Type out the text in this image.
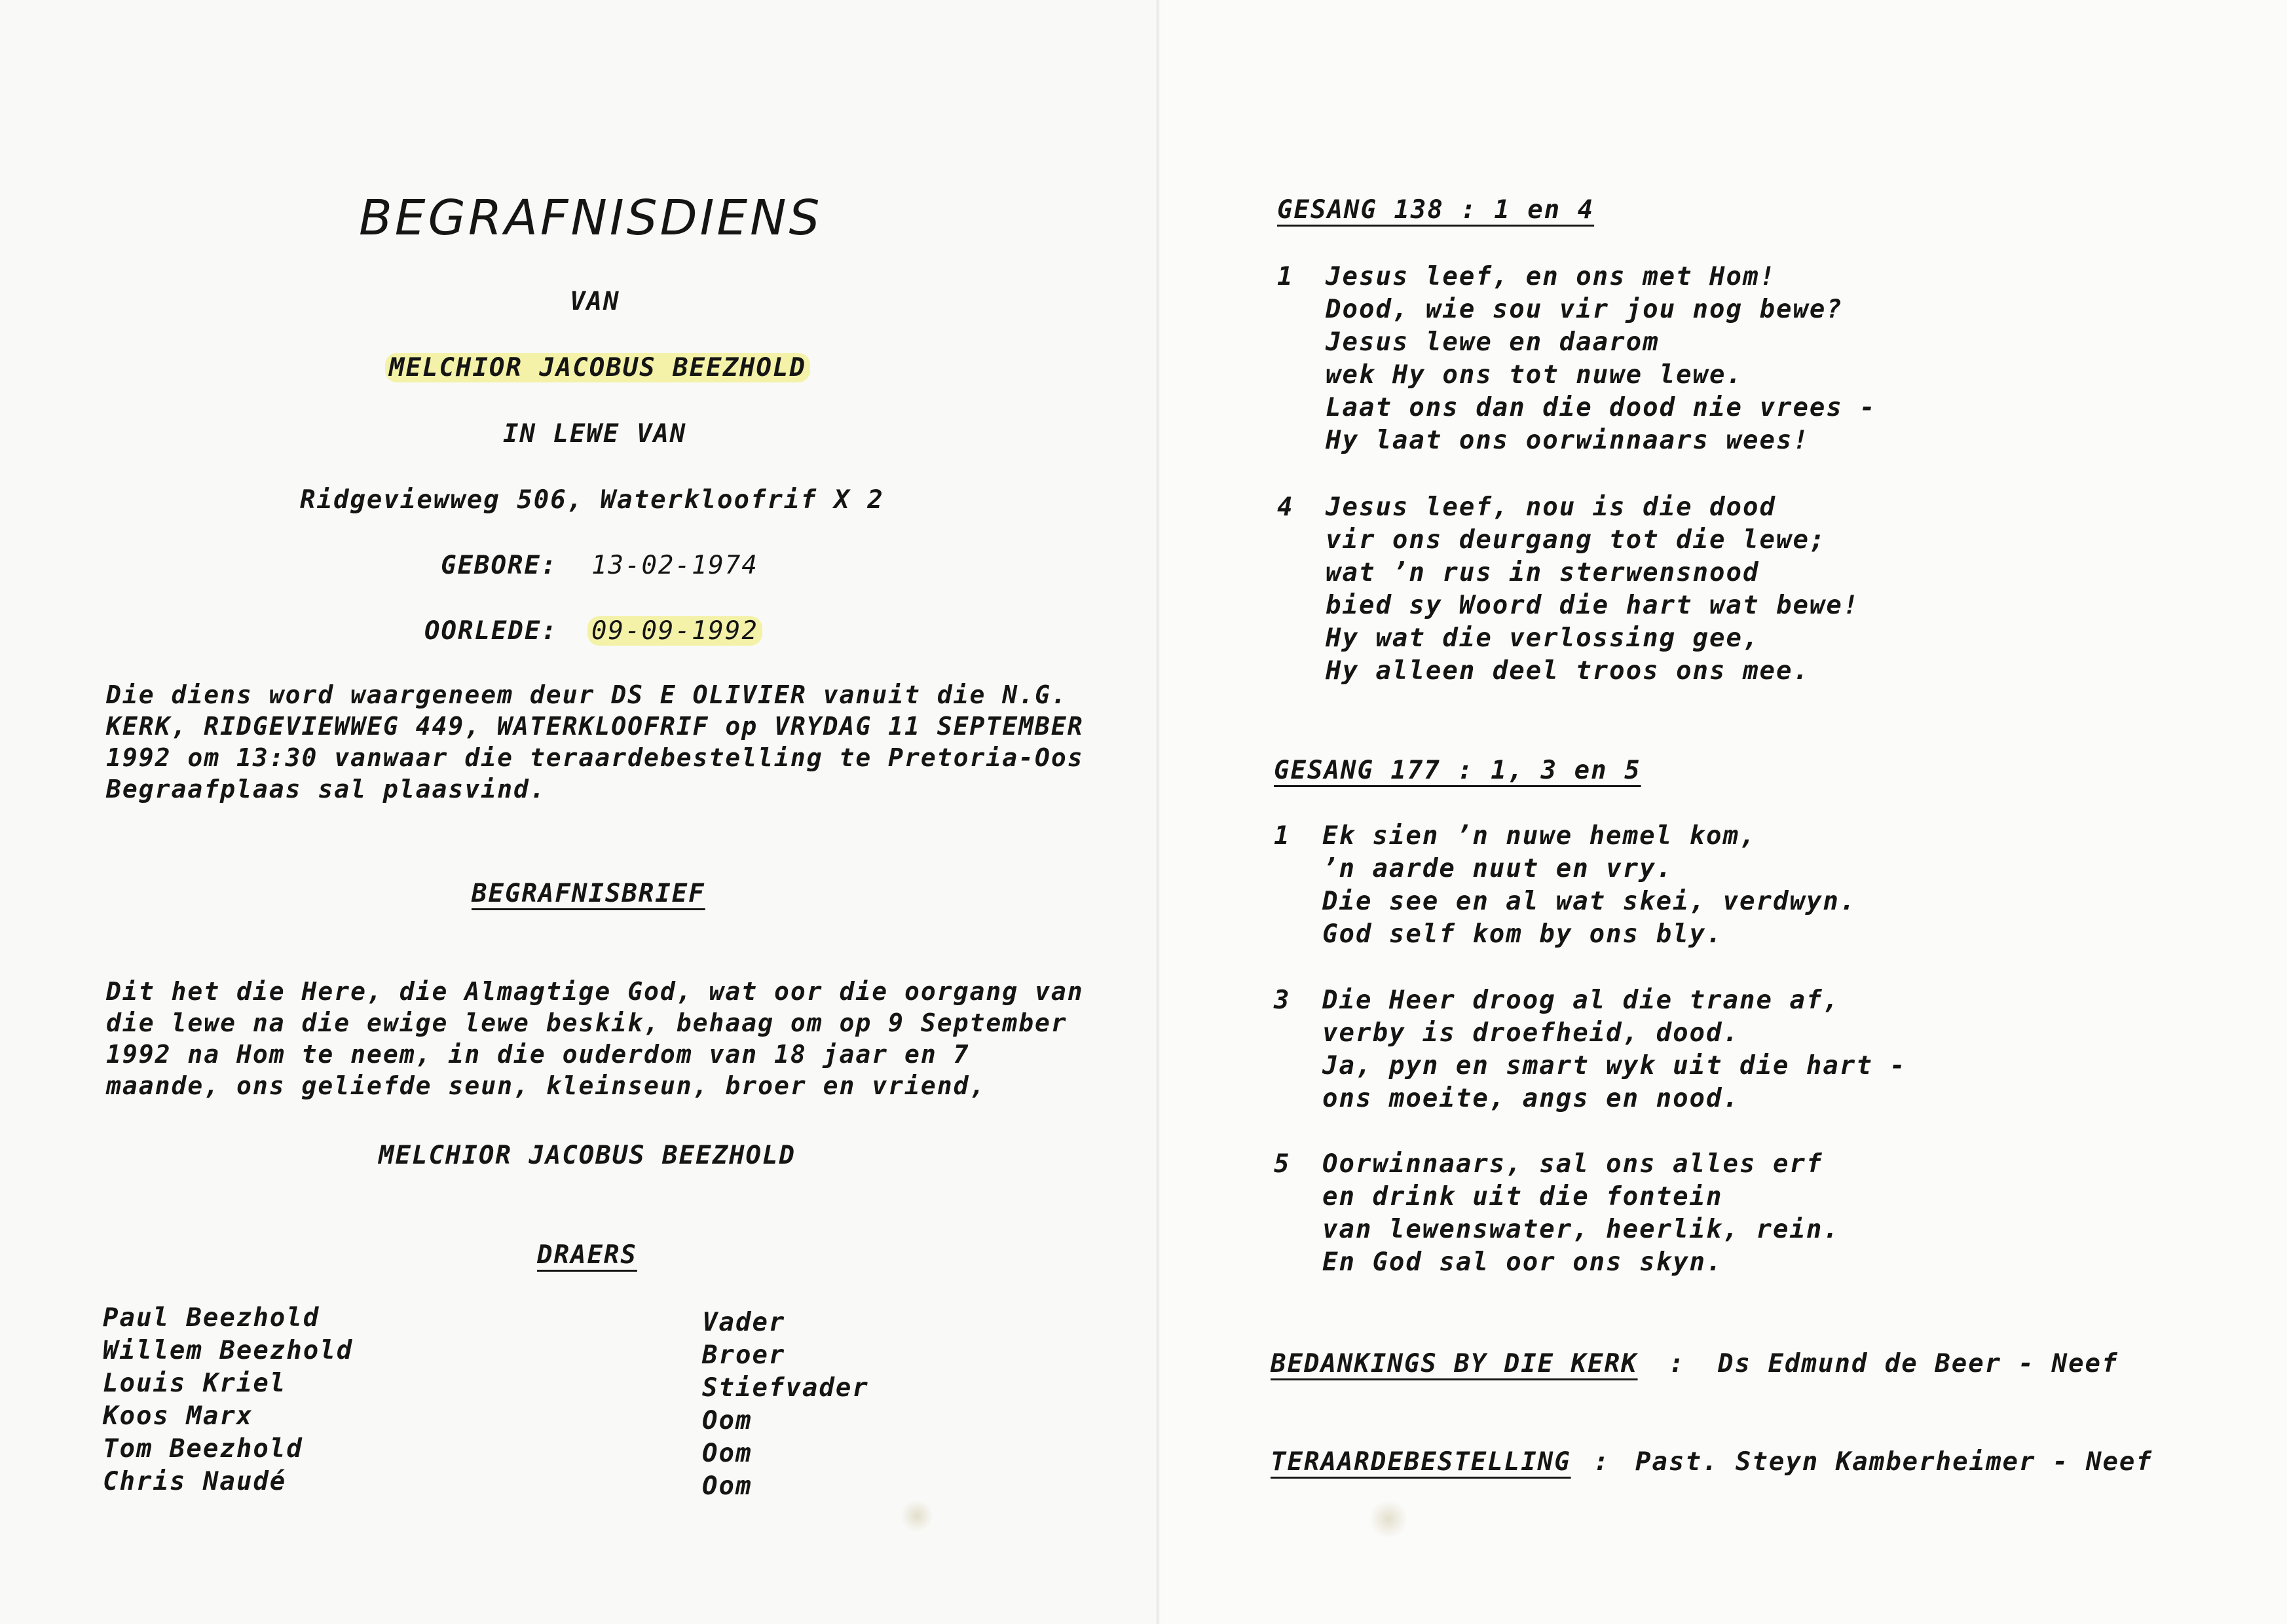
BEGRAFNISDIENS
VAN
MELCHIOR JACOBUS BEEZHOLD
IN LEWE VAN
Ridgeviewweg 506, Waterkloofrif X 2
GEBORE: 13-02-1974
OORLEDE: 09-09-1992
Die diens word waargeneem deur DS E OLIVIER vanuit die N.G.
KERK, RIDGEVIEWWEG 449, WATERKLOOFRIF op VRYDAG 11 SEPTEMBER
1992 om 13:30 vanwaar die teraardebestelling te Pretoria-Oos
Begraafplaas sal plaasvind.
BEGRAFNISBRIEF
Dit het die Here, die Almagtige God, wat oor die oorgang van
die lewe na die ewige lewe beskik, behaag om op 9 September
1992 na Hom te neem, in die ouderdom van 18 jaar en 7
maande, ons geliefde seun, kleinseun, broer en vriend,
MELCHIOR JACOBUS BEEZHOLD
DRAERS
Paul Beezhold
Willem Beezhold
Louis Kriel
Koos Marx
Tom Beezhold
Chris Naudé
Vader
Broer
Stiefvader
Oom
Oom
Oom
GESANG 138 : 1 en 4
1 Jesus leef, en ons met Hom!
Dood, wie sou vir jou nog bewe?
Jesus lewe en daarom
wek Hy ons tot nuwe lewe.
Laat ons dan die dood nie vrees -
Hy laat ons oorwinnaars wees!
4 Jesus leef, nou is die dood
vir ons deurgang tot die lewe;
wat ’n rus in sterwensnood
bied sy Woord die hart wat bewe!
Hy wat die verlossing gee,
Hy alleen deel troos ons mee.
GESANG 177 : 1, 3 en 5
1 Ek sien ’n nuwe hemel kom,
’n aarde nuut en vry.
Die see en al wat skei, verdwyn.
God self kom by ons bly.
3 Die Heer droog al die trane af,
verby is droefheid, dood.
Ja, pyn en smart wyk uit die hart -
ons moeite, angs en nood.
5 Oorwinnaars, sal ons alles erf
en drink uit die fontein
van lewenswater, heerlik, rein.
En God sal oor ons skyn.
BEDANKINGS BY DIE KERK : Ds Edmund de Beer - Neef
TERAARDEBESTELLING : Past. Steyn Kamberheimer - Neef
